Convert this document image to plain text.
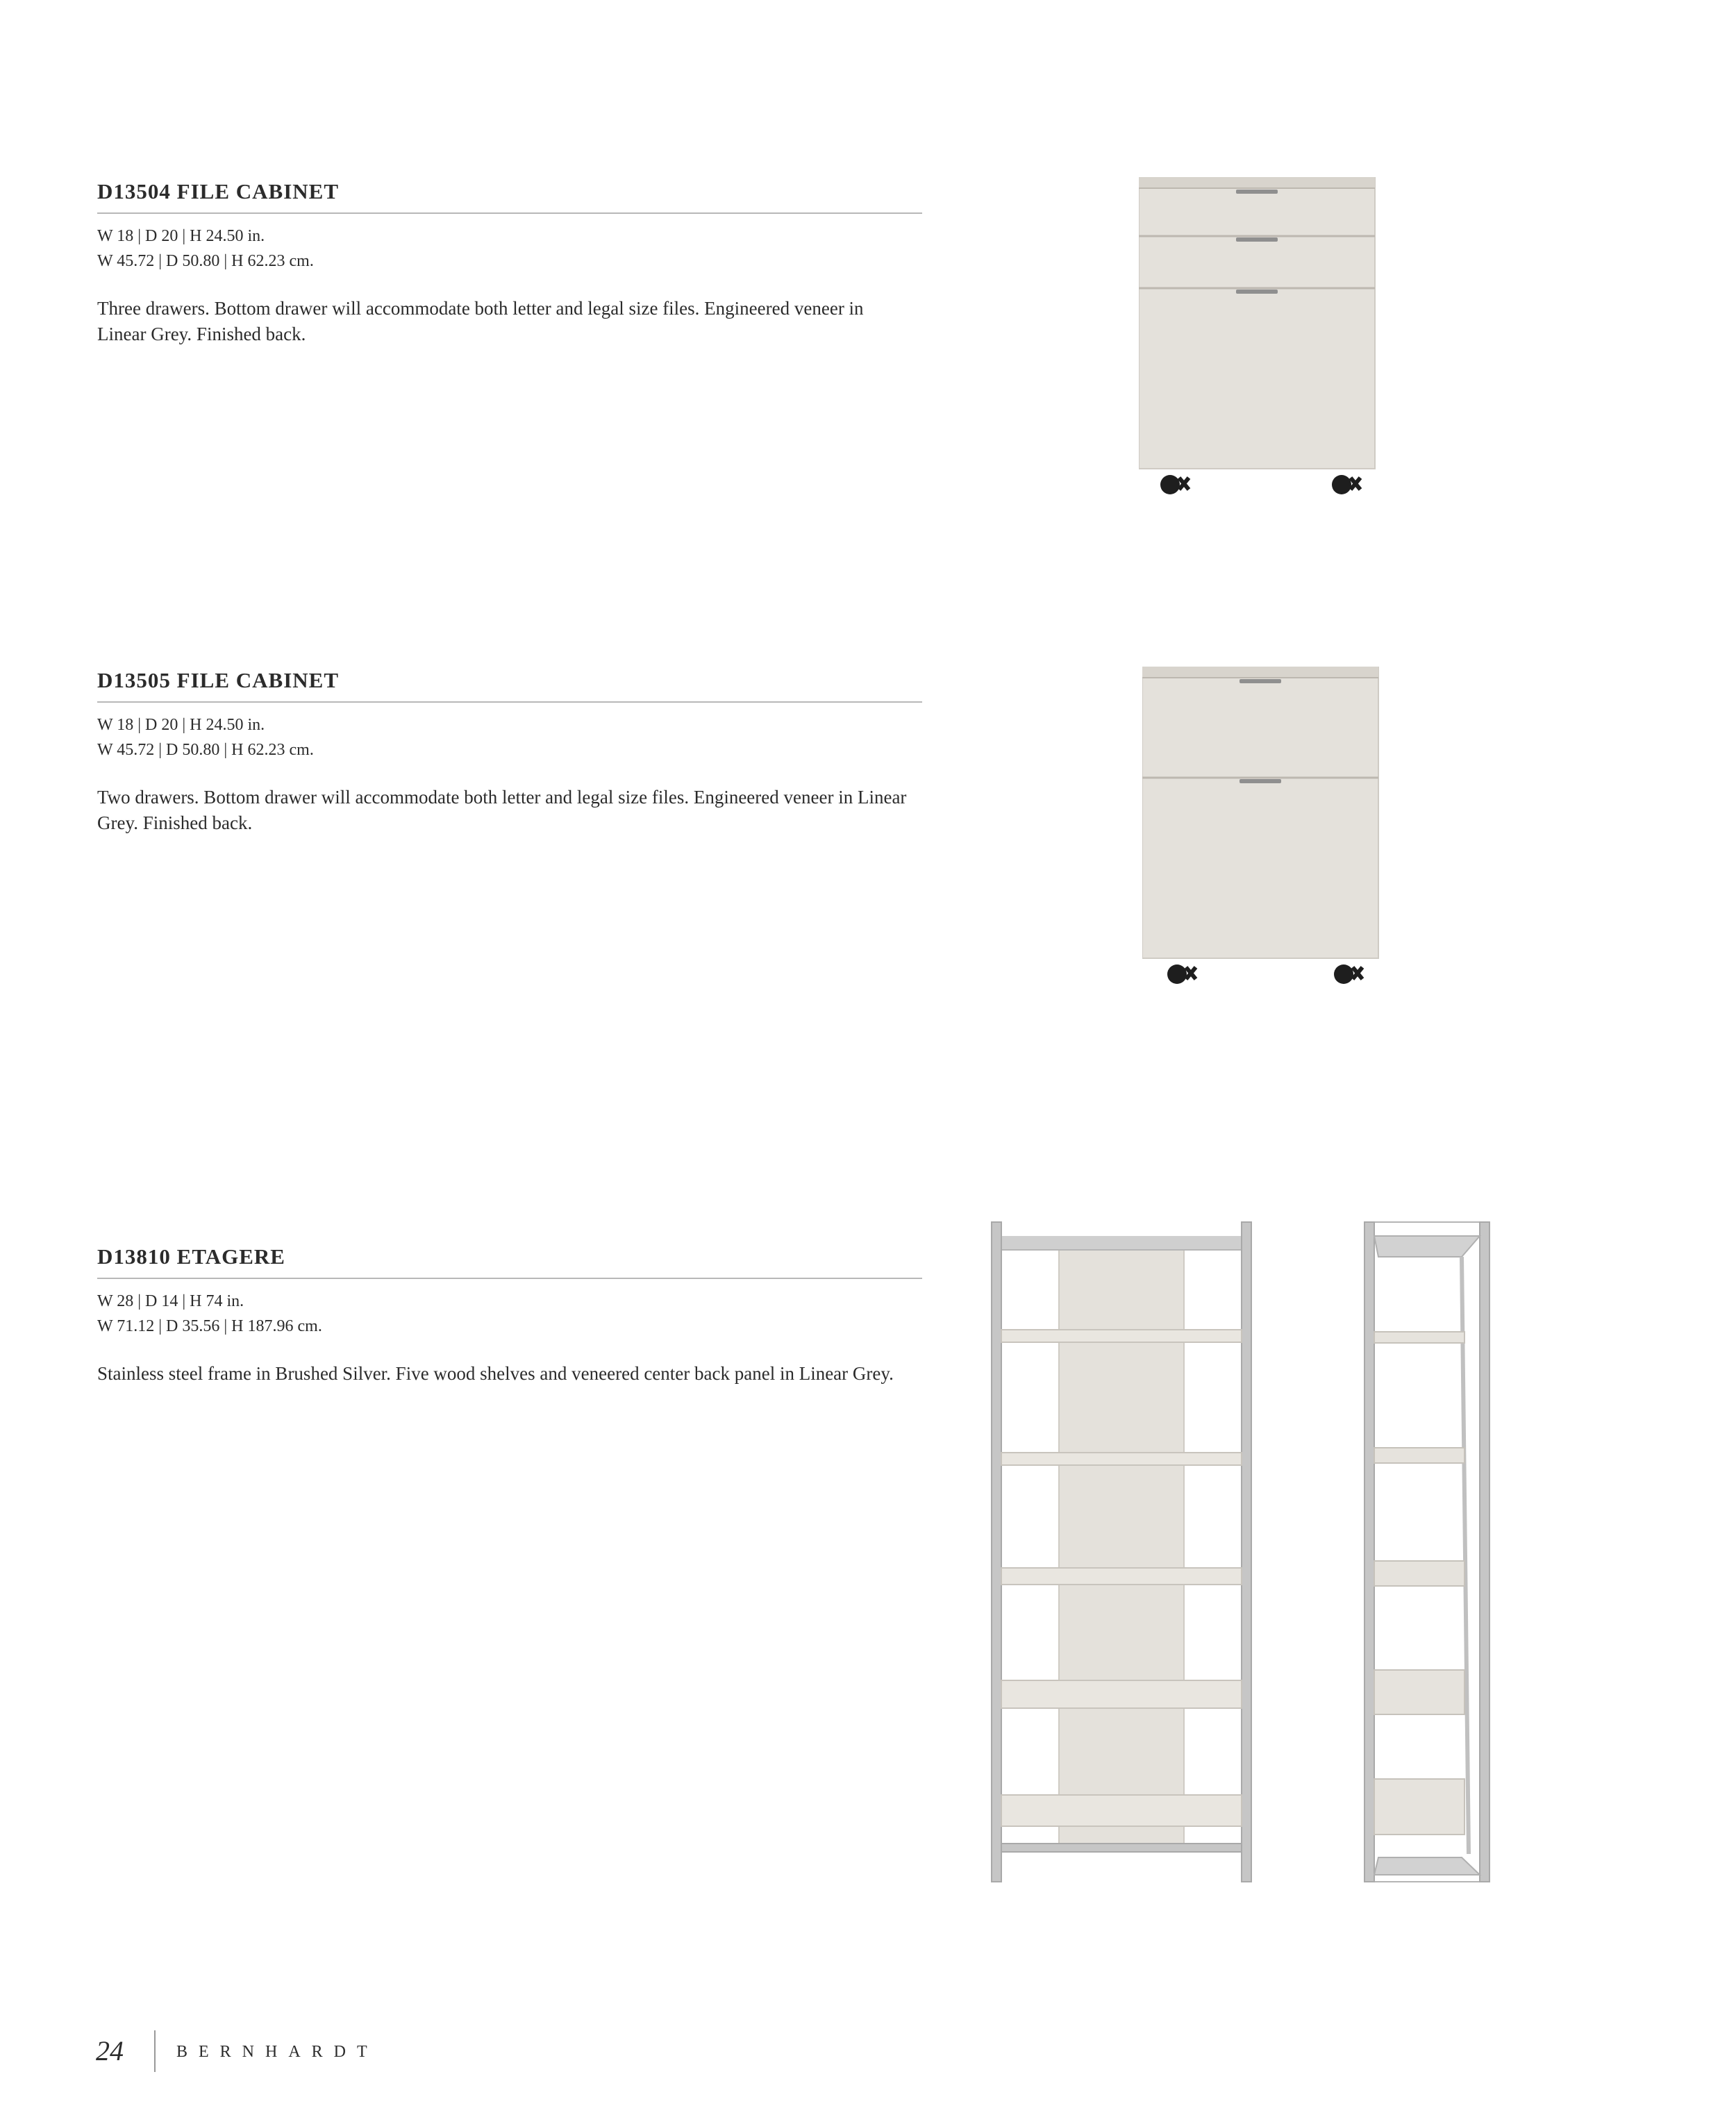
D13504 FILE CABINET
W 18 | D 20 | H 24.50 in.
W 45.72 | D 50.80 | H 62.23 cm.
Three drawers. Bottom drawer will accommodate both letter and legal size files. Engineered veneer in Linear Grey. Finished back.
D13505 FILE CABINET
W 18 | D 20 | H 24.50 in.
W 45.72 | D 50.80 | H 62.23 cm.
Two drawers. Bottom drawer will accommodate both letter and legal size files. Engineered veneer in Linear Grey. Finished back.
D13810 ETAGERE
W 28 | D 14 | H 74 in.
W 71.12 | D 35.56 | H 187.96 cm.
Stainless steel frame in Brushed Silver. Five wood shelves and veneered center back panel in Linear Grey.
24	BERNHARDT
